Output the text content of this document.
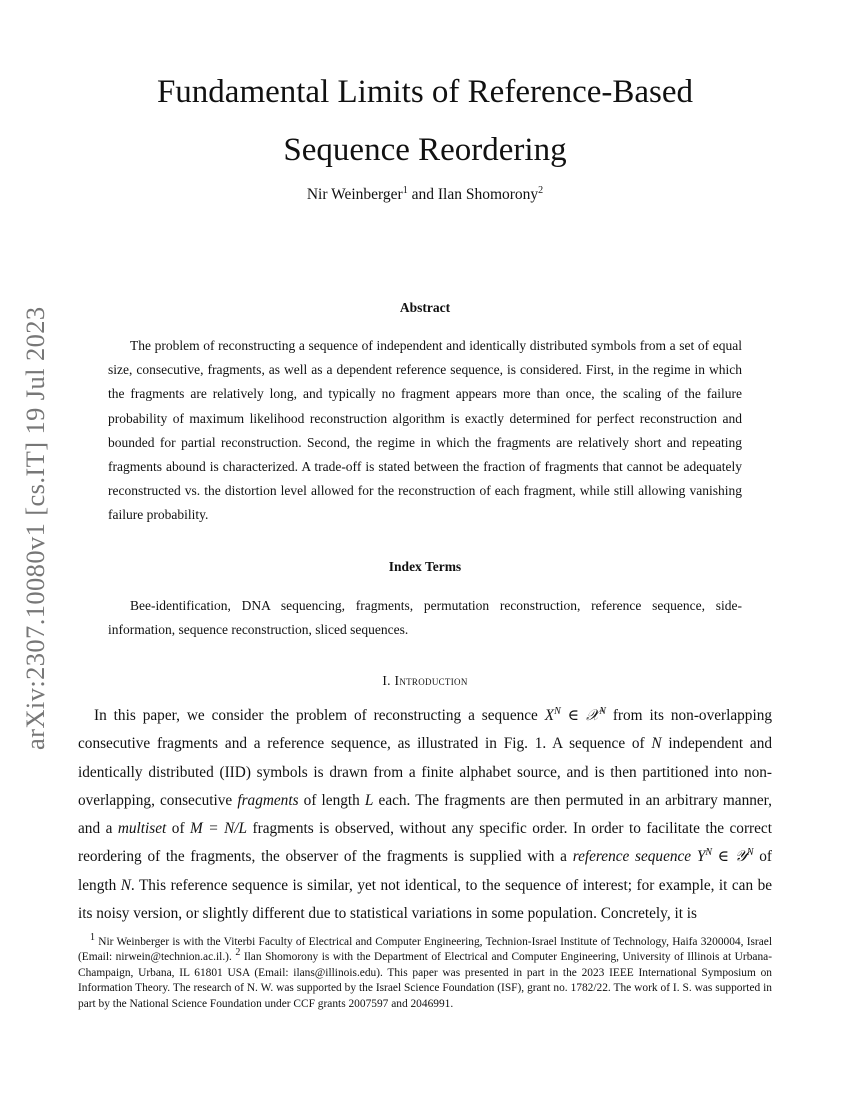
arXiv:2307.10080v1 [cs.IT] 19 Jul 2023
Fundamental Limits of Reference-Based
Sequence Reordering
Nir Weinberger$^1$ and Ilan Shomorony$^2$
Abstract

The problem of reconstructing a sequence of independent and identically distributed symbols from a set of equal size, consecutive, fragments, as well as a dependent reference sequence, is considered. First, in the regime in which the fragments are relatively long, and typically no fragment appears more than once, the scaling of the failure probability of maximum likelihood reconstruction algorithm is exactly determined for perfect reconstruction and bounded for partial reconstruction. Second, the regime in which the fragments are relatively short and repeating fragments abound is characterized. A trade-off is stated between the fraction of fragments that cannot be adequately reconstructed vs. the distortion level allowed for the reconstruction of each fragment, while still allowing vanishing failure probability.

Index Terms

Bee-identification, DNA sequencing, fragments, permutation reconstruction, reference sequence, side-information, sequence reconstruction, sliced sequences.

I. Introduction

In this paper, we consider the problem of reconstructing a sequence $X^N$ ∈ 𝒳$^N$ from its non-overlapping consecutive fragments and a reference sequence, as illustrated in Fig. 1. A sequence of N independent and identically distributed (IID) symbols is drawn from a finite alphabet source, and is then partitioned into non-overlapping, consecutive fragments of length L each. The fragments are then permuted in an arbitrary manner, and a multiset of M = N/L fragments is observed, without any specific order. In order to facilitate the correct reordering of the fragments, the observer of the fragments is supplied with a reference sequence $Y^N$ ∈ 𝒴$^N$ of length N. This reference sequence is similar, yet not identical, to the sequence of interest; for example, it can be its noisy version, or slightly different due to statistical variations in some population. Concretely, it is

$^1$ Nir Weinberger is with the Viterbi Faculty of Electrical and Computer Engineering, Technion-Israel Institute of Technology, Haifa 3200004, Israel (Email: nirwein@technion.ac.il.). $^2$ Ilan Shomorony is with the Department of Electrical and Computer Engineering, University of Illinois at Urbana-Champaign, Urbana, IL 61801 USA (Email: ilans@illinois.edu). This paper was presented in part in the 2023 IEEE International Symposium on Information Theory. The research of N. W. was supported by the Israel Science Foundation (ISF), grant no. 1782/22. The work of I. S. was supported in part by the National Science Foundation under CCF grants 2007597 and 2046991.
